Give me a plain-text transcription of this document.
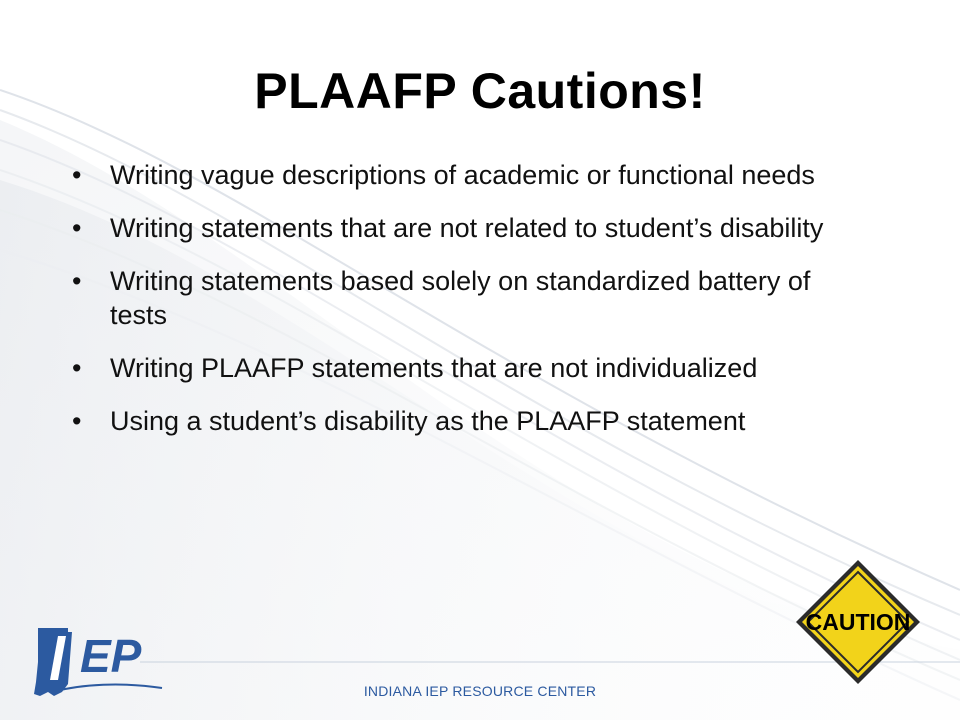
PLAAFP Cautions!
•	Writing vague descriptions of academic or functional needs
•	Writing statements that are not related to student’s disability
•	Writing statements based solely on standardized battery of tests
•	Writing PLAAFP statements that are not individualized
•	Using a student’s disability as the PLAAFP statement
EP
CAUTION
INDIANA IEP RESOURCE CENTER
